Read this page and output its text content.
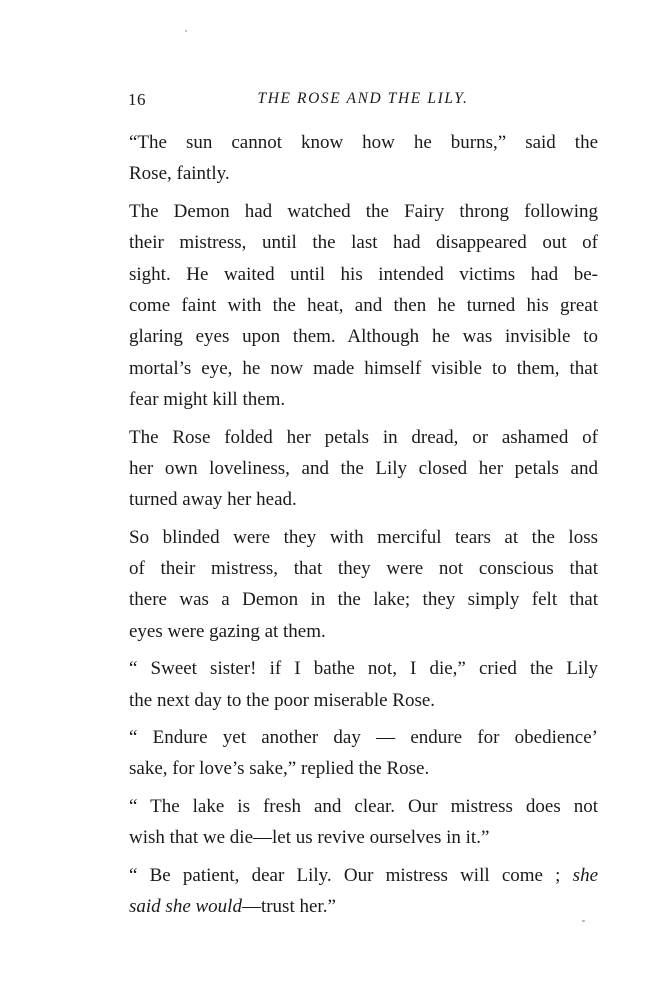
16	THE ROSE AND THE LILY.
“The sun cannot know how he burns,” said the
Rose, faintly.
The Demon had watched the Fairy throng following
their mistress, until the last had disappeared out of
sight. He waited until his intended victims had be-
come faint with the heat, and then he turned his great
glaring eyes upon them. Although he was invisible to
mortal’s eye, he now made himself visible to them, that
fear might kill them.
The Rose folded her petals in dread, or ashamed of
her own loveliness, and the Lily closed her petals and
turned away her head.
So blinded were they with merciful tears at the loss
of their mistress, that they were not conscious that
there was a Demon in the lake; they simply felt that
eyes were gazing at them.
“ Sweet sister! if I bathe not, I die,” cried the Lily
the next day to the poor miserable Rose.
“ Endure yet another day — endure for obedience’
sake, for love’s sake,” replied the Rose.
“ The lake is fresh and clear. Our mistress does not
wish that we die—let us revive ourselves in it.”
“ Be patient, dear Lily. Our mistress will come ; she
said she would—trust her.”
